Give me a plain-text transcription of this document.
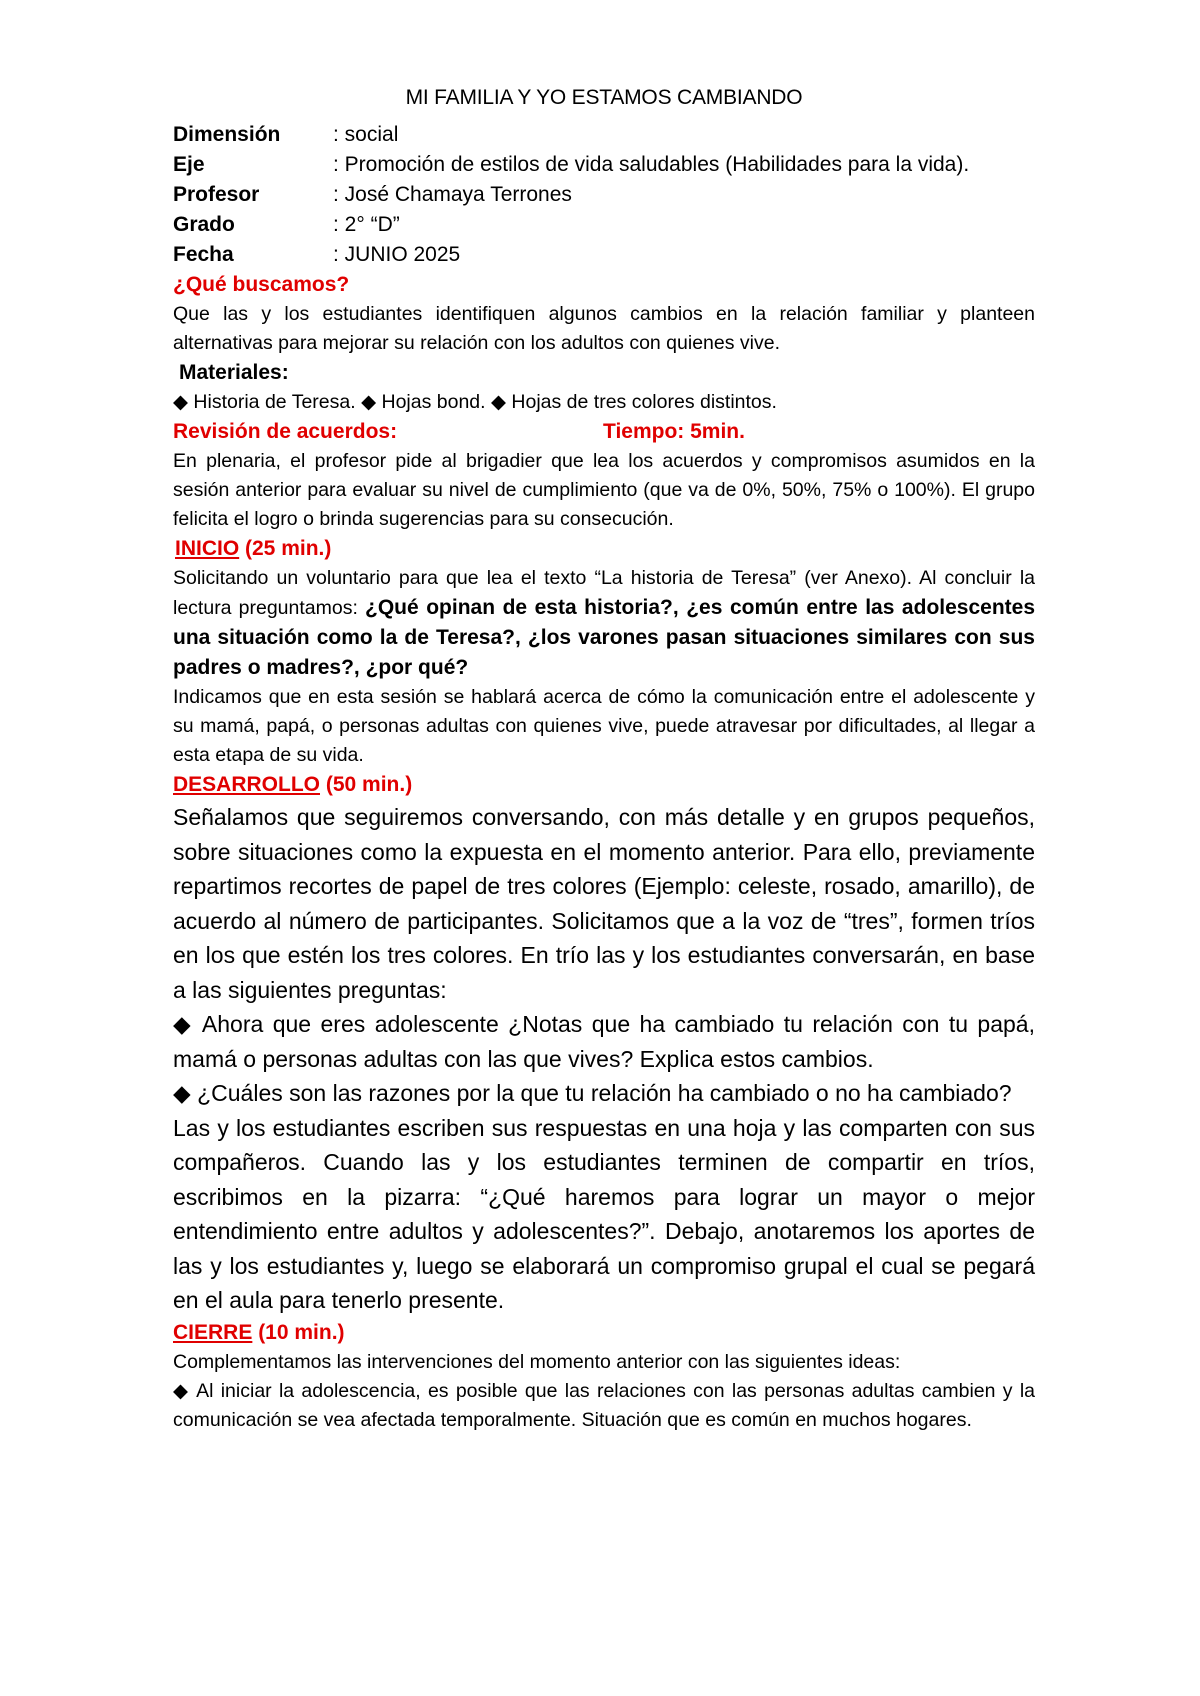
MI FAMILIA Y YO ESTAMOS CAMBIANDO
Dimensión	: social
Eje	: Promoción de estilos de vida saludables (Habilidades para la vida).
Profesor	: José Chamaya Terrones
Grado	: 2° “D”
Fecha	: JUNIO 2025
¿Qué buscamos?

Que las y los estudiantes identifiquen algunos cambios en la relación familiar y planteen alternativas para mejorar su relación con los adultos con quienes vive.

Materiales:

◆ Historia de Teresa. ◆ Hojas bond. ◆ Hojas de tres colores distintos.

Revisión de acuerdos:	Tiempo: 5min.

En plenaria, el profesor pide al brigadier que lea los acuerdos y compromisos asumidos en la sesión anterior para evaluar su nivel de cumplimiento (que va de 0%, 50%, 75% o 100%). El grupo felicita el logro o brinda sugerencias para su consecución.

INICIO (25 min.)

Solicitando un voluntario para que lea el texto “La historia de Teresa” (ver Anexo). Al concluir la lectura preguntamos: ¿Qué opinan de esta historia?, ¿es común entre las adolescentes una situación como la de Teresa?, ¿los varones pasan situaciones similares con sus padres o madres?, ¿por qué?

Indicamos que en esta sesión se hablará acerca de cómo la comunicación entre el adolescente y su mamá, papá, o personas adultas con quienes vive, puede atravesar por dificultades, al llegar a esta etapa de su vida.

DESARROLLO (50 min.)

Señalamos que seguiremos conversando, con más detalle y en grupos pequeños, sobre situaciones como la expuesta en el momento anterior. Para ello, previamente repartimos recortes de papel de tres colores (Ejemplo: celeste, rosado, amarillo), de acuerdo al número de participantes. Solicitamos que a la voz de “tres”, formen tríos en los que estén los tres colores. En trío las y los estudiantes conversarán, en base a las siguientes preguntas:

◆ Ahora que eres adolescente ¿Notas que ha cambiado tu relación con tu papá, mamá o personas adultas con las que vives? Explica estos cambios.

◆ ¿Cuáles son las razones por la que tu relación ha cambiado o no ha cambiado?

Las y los estudiantes escriben sus respuestas en una hoja y las comparten con sus compañeros. Cuando las y los estudiantes terminen de compartir en tríos, escribimos en la pizarra: “¿Qué haremos para lograr un mayor o mejor entendimiento entre adultos y adolescentes?”. Debajo, anotaremos los aportes de las y los estudiantes y, luego se elaborará un compromiso grupal el cual se pegará en el aula para tenerlo presente.

CIERRE (10 min.)

Complementamos las intervenciones del momento anterior con las siguientes ideas:

◆ Al iniciar la adolescencia, es posible que las relaciones con las personas adultas cambien y la comunicación se vea afectada temporalmente. Situación que es común en muchos hogares.
